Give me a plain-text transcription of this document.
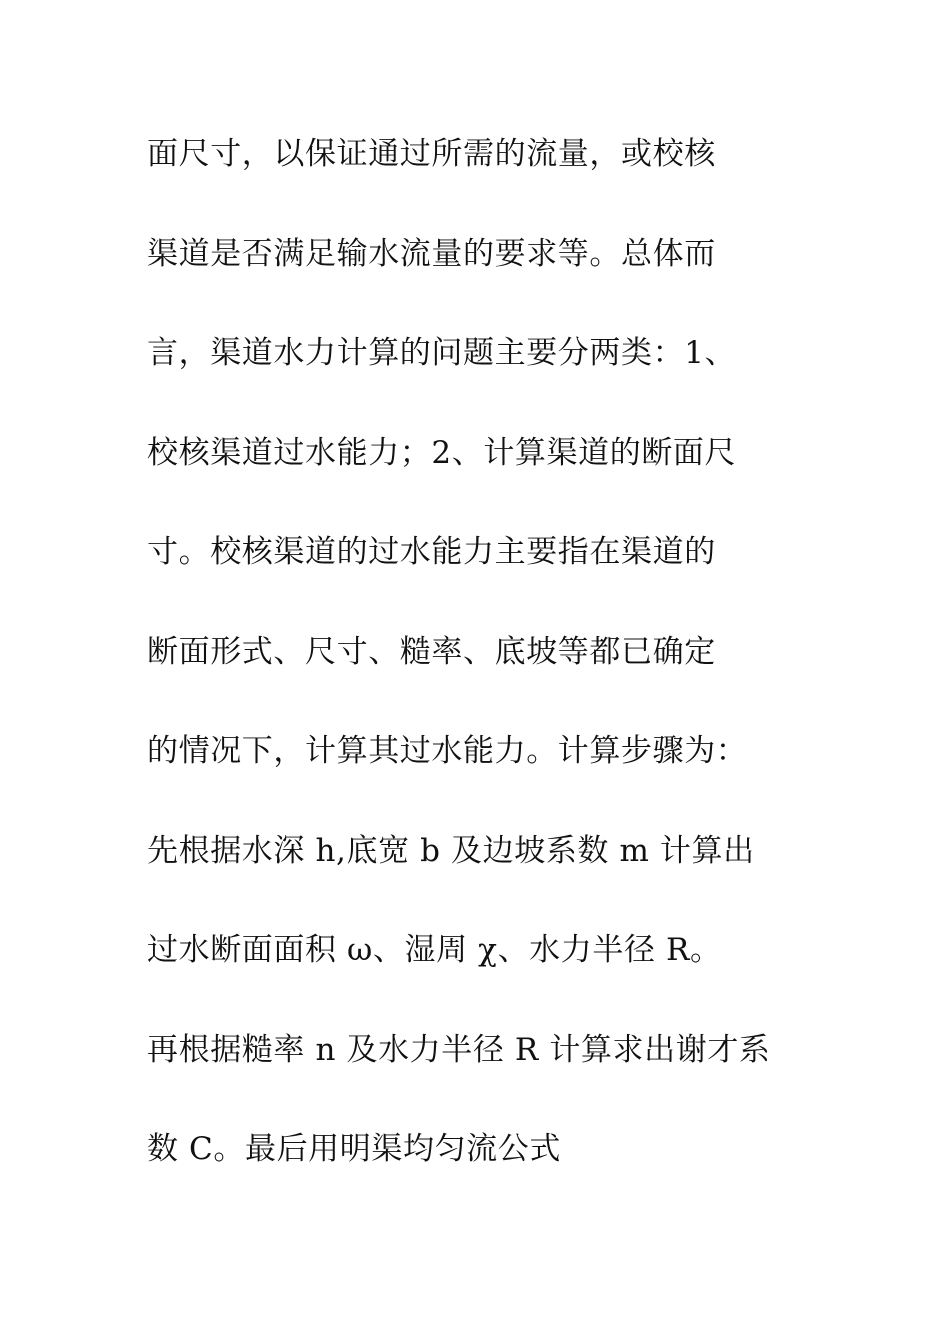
面尺寸，以保证通过所需的流量，或校核
渠道是否满足输水流量的要求等。总体而
言，渠道水力计算的问题主要分两类：1、
校核渠道过水能力；2、计算渠道的断面尺
寸。校核渠道的过水能力主要指在渠道的
断面形式、尺寸、糙率、底坡等都已确定
的情况下，计算其过水能力。计算步骤为：
先根据水深 h,底宽 b 及边坡系数 m 计算出
过水断面面积 ω、湿周 χ、水力半径 R。
再根据糙率 n 及水力半径 R 计算求出谢才系
数 C。最后用明渠均匀流公式
